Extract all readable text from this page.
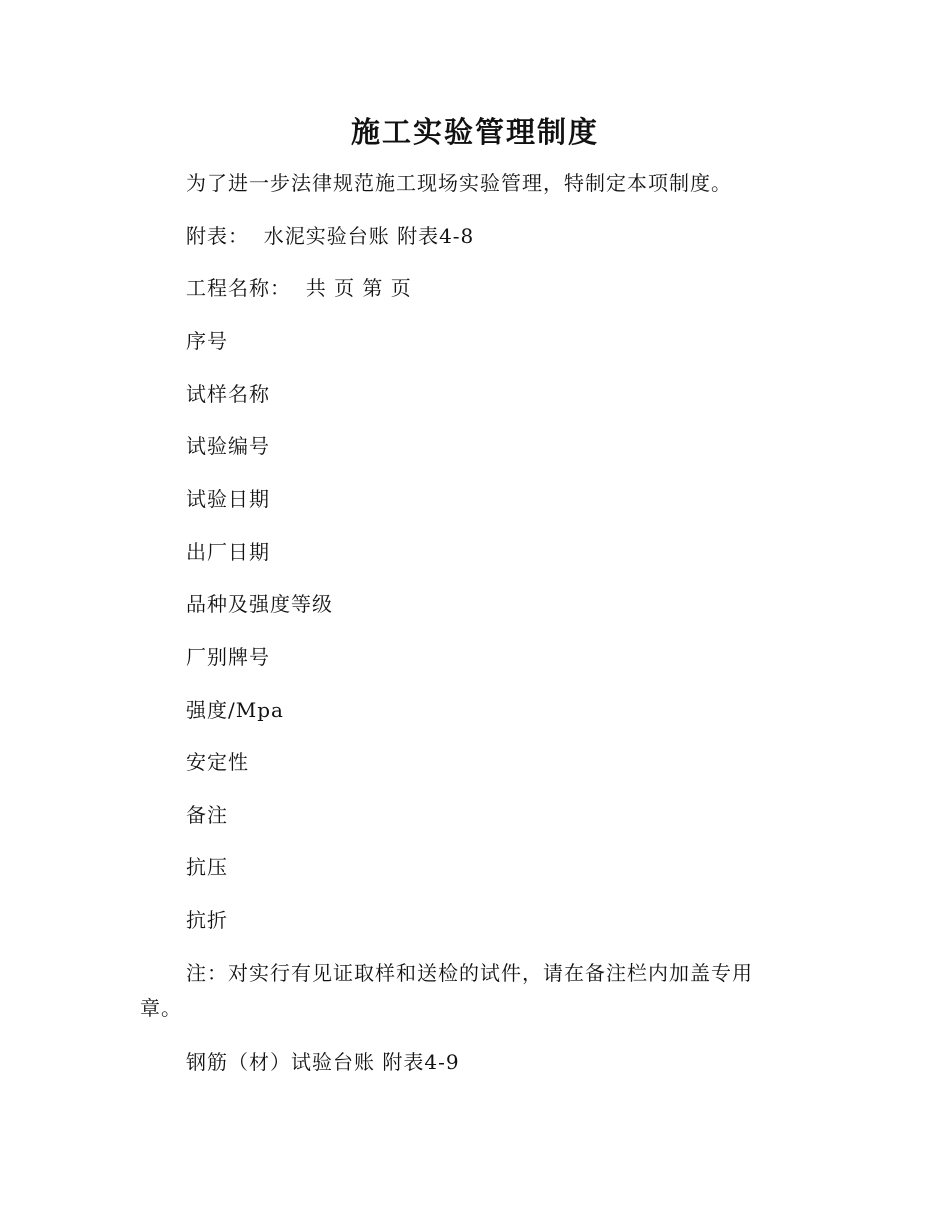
施工实验管理制度
为了进一步法律规范施工现场实验管理，特制定本项制度。
附表：  水泥实验台账 附表4-8
工程名称：  共 页 第 页
序号
试样名称
试验编号
试验日期
出厂日期
品种及强度等级
厂别牌号
强度/Mpa
安定性
备注
抗压
抗折
注：对实行有见证取样和送检的试件，请在备注栏内加盖专用章。
钢筋（材）试验台账 附表4-9
